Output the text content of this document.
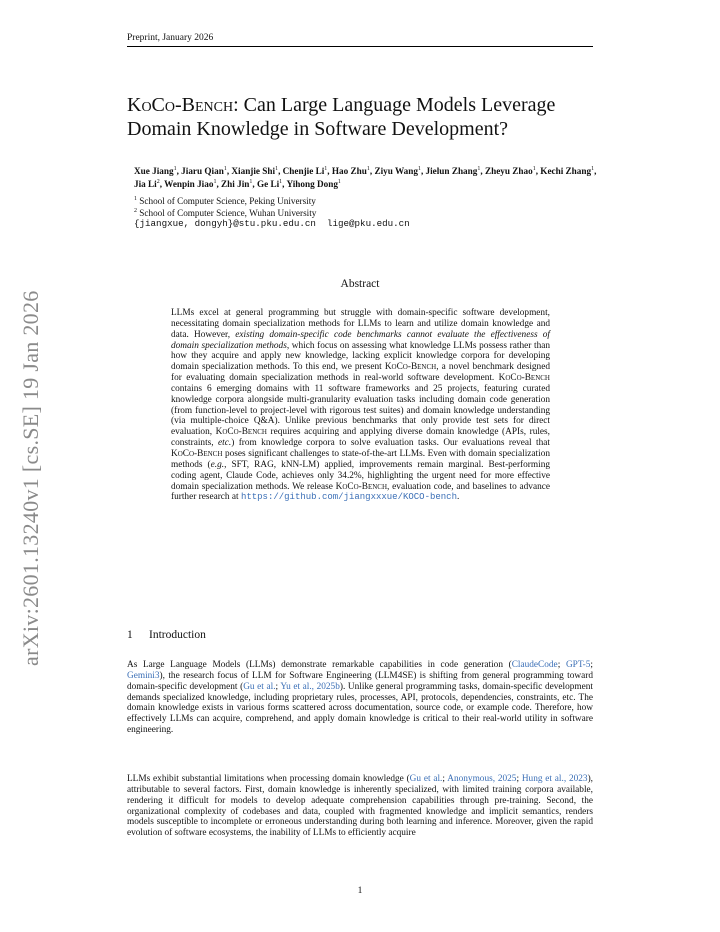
Preprint, January 2026
arXiv:2601.13240v1 [cs.SE] 19 Jan 2026
KoCo-Bench: Can Large Language Models Leverage Domain Knowledge in Software Development?
Xue Jiang$^1$, Jiaru Qian$^1$, Xianjie Shi$^1$, Chenjie Li$^1$, Hao Zhu$^1$, Ziyu Wang$^1$, Jielun Zhang$^1$, Zheyu Zhao$^1$, Kechi Zhang$^1$, Jia Li$^2$, Wenpin Jiao$^1$, Zhi Jin$^1$, Ge Li$^1$, Yihong Dong$^1$
$^1$ School of Computer Science, Peking University
$^2$ School of Computer Science, Wuhan University
{jiangxue, dongyh}@stu.pku.edu.cn  lige@pku.edu.cn
Abstract
LLMs excel at general programming but struggle with domain-specific software development, necessitating domain specialization methods for LLMs to learn and utilize domain knowledge and data. However, existing domain-specific code benchmarks cannot evaluate the effectiveness of domain specialization methods, which focus on assessing what knowledge LLMs possess rather than how they acquire and apply new knowledge, lacking explicit knowledge corpora for developing domain specialization methods. To this end, we present KoCo-Bench, a novel benchmark designed for evaluating domain specialization methods in real-world software development. KoCo-Bench contains 6 emerging domains with 11 software frameworks and 25 projects, featuring curated knowledge corpora alongside multi-granularity evaluation tasks including domain code generation (from function-level to project-level with rigorous test suites) and domain knowledge understanding (via multiple-choice Q&A). Unlike previous benchmarks that only provide test sets for direct evaluation, KoCo-Bench requires acquiring and applying diverse domain knowledge (APIs, rules, constraints, etc.) from knowledge corpora to solve evaluation tasks. Our evaluations reveal that KoCo-Bench poses significant challenges to state-of-the-art LLMs. Even with domain specialization methods (e.g., SFT, RAG, kNN-LM) applied, improvements remain marginal. Best-performing coding agent, Claude Code, achieves only 34.2%, highlighting the urgent need for more effective domain specialization methods. We release KoCo-Bench, evaluation code, and baselines to advance further research at https://github.com/jiangxxxue/KOCO-bench.
1 Introduction
As Large Language Models (LLMs) demonstrate remarkable capabilities in code generation (ClaudeCode; GPT-5; Gemini3), the research focus of LLM for Software Engineering (LLM4SE) is shifting from general programming toward domain-specific development (Gu et al.; Yu et al., 2025b). Unlike general programming tasks, domain-specific development demands specialized knowledge, including proprietary rules, processes, API, protocols, dependencies, constraints, etc. The domain knowledge exists in various forms scattered across documentation, source code, or example code. Therefore, how effectively LLMs can acquire, comprehend, and apply domain knowledge is critical to their real-world utility in software engineering.
LLMs exhibit substantial limitations when processing domain knowledge (Gu et al.; Anonymous, 2025; Hung et al., 2023), attributable to several factors. First, domain knowledge is inherently specialized, with limited training corpora available, rendering it difficult for models to develop adequate comprehension capabilities through pre-training. Second, the organizational complexity of codebases and data, coupled with fragmented knowledge and implicit semantics, renders models susceptible to incomplete or erroneous understanding during both learning and inference. Moreover, given the rapid evolution of software ecosystems, the inability of LLMs to efficiently acquire
1
